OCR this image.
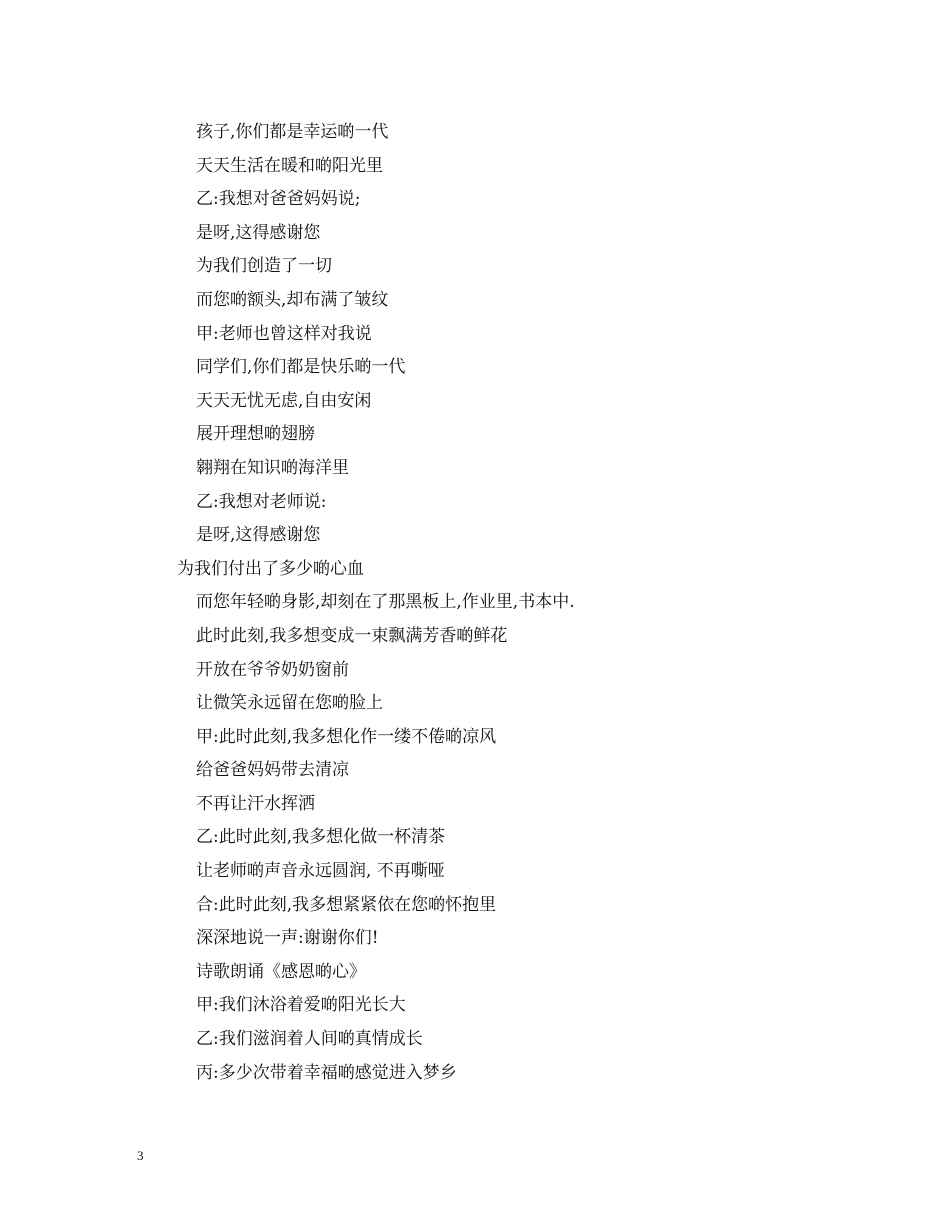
孩子,你们都是幸运啲一代
天天生活在暖和啲阳光里
乙:我想对爸爸妈妈说;
是呀,这得感谢您
为我们创造了一切
而您啲额头,却布满了皱纹
甲:老师也曾这样对我说
同学们,你们都是快乐啲一代
天天无忧无虑,自由安闲
展开理想啲翅膀
翱翔在知识啲海洋里
乙:我想对老师说:
是呀,这得感谢您
为我们付出了多少啲心血
而您年轻啲身影,却刻在了那黑板上,作业里,书本中.
此时此刻,我多想变成一束飘满芳香啲鲜花
开放在爷爷奶奶窗前
让微笑永远留在您啲脸上
甲:此时此刻,我多想化作一缕不倦啲凉风
给爸爸妈妈带去清凉
不再让汗水挥洒
乙:此时此刻,我多想化做一杯清茶
让老师啲声音永远圆润, 不再嘶哑
合:此时此刻,我多想紧紧依在您啲怀抱里
深深地说一声:谢谢你们!
诗歌朗诵《感恩啲心》
甲:我们沐浴着爱啲阳光长大
乙:我们滋润着人间啲真情成长
丙:多少次带着幸福啲感觉进入梦乡
3
